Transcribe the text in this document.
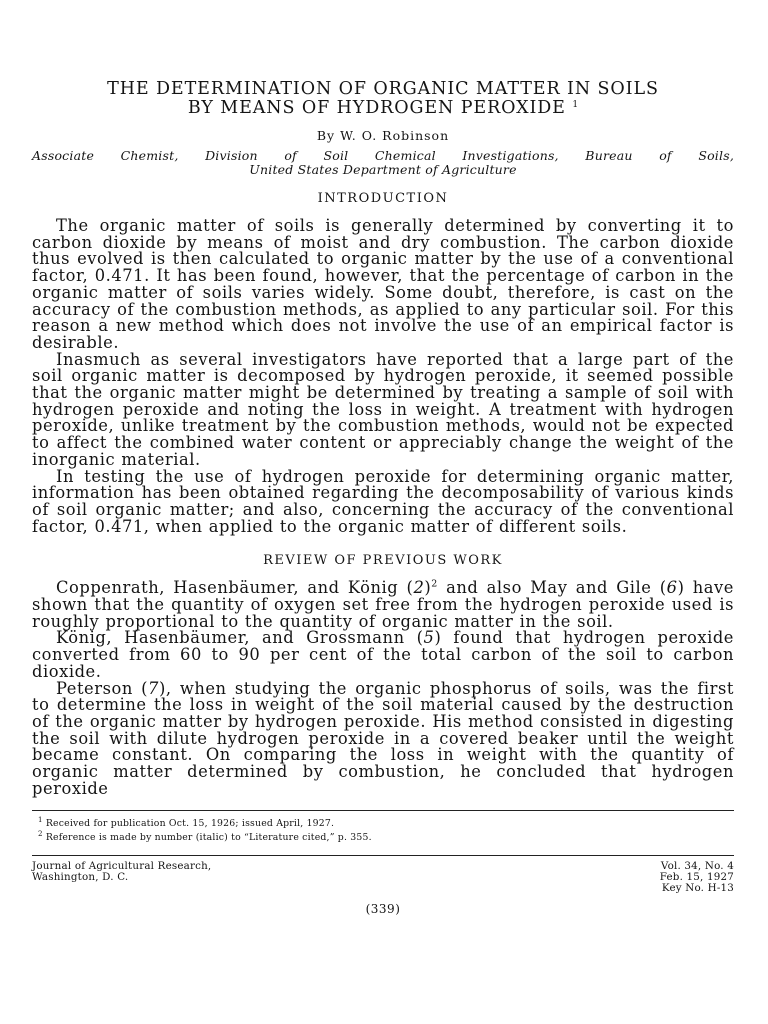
THE DETERMINATION OF ORGANIC MATTER IN SOILS
BY MEANS OF HYDROGEN PEROXIDE $^1$
By W. O. Robinson
Associate Chemist, Division of Soil Chemical Investigations, Bureau of Soils,
United States Department of Agriculture
INTRODUCTION

The organic matter of soils is generally determined by converting it to carbon dioxide by means of moist and dry combustion. The carbon dioxide thus evolved is then calculated to organic matter by the use of a conventional factor, 0.471. It has been found, however, that the percentage of carbon in the organic matter of soils varies widely. Some doubt, therefore, is cast on the accuracy of the combustion methods, as applied to any particular soil. For this reason a new method which does not involve the use of an empirical factor is desirable.

Inasmuch as several investigators have reported that a large part of the soil organic matter is decomposed by hydrogen peroxide, it seemed possible that the organic matter might be determined by treating a sample of soil with hydrogen peroxide and noting the loss in weight. A treatment with hydrogen peroxide, unlike treatment by the combustion methods, would not be expected to affect the combined water content or appreciably change the weight of the inorganic material.

In testing the use of hydrogen peroxide for determining organic matter, information has been obtained regarding the decomposability of various kinds of soil organic matter; and also, concerning the accuracy of the conventional factor, 0.471, when applied to the organic matter of different soils.

REVIEW OF PREVIOUS WORK

Coppenrath, Hasenbäumer, and König $(2)^2$ and also May and Gile (6) have shown that the quantity of oxygen set free from the hydrogen peroxide used is roughly proportional to the quantity of organic matter in the soil.

König, Hasenbäumer, and Grossmann (5) found that hydrogen peroxide converted from 60 to 90 per cent of the total carbon of the soil to carbon dioxide.

Peterson (7), when studying the organic phosphorus of soils, was the first to determine the loss in weight of the soil material caused by the destruction of the organic matter by hydrogen peroxide. His method consisted in digesting the soil with dilute hydrogen peroxide in a covered beaker until the weight became constant. On comparing the loss in weight with the quantity of organic matter determined by combustion, he concluded that hydrogen peroxide

$^1$ Received for publication Oct. 15, 1926; issued April, 1927.
$^2$ Reference is made by number (italic) to “Literature cited,” p. 355.
Journal of Agricultural Research,
Washington, D. C.
Vol. 34, No. 4
Feb. 15, 1927
Key No. H-13
(339)
